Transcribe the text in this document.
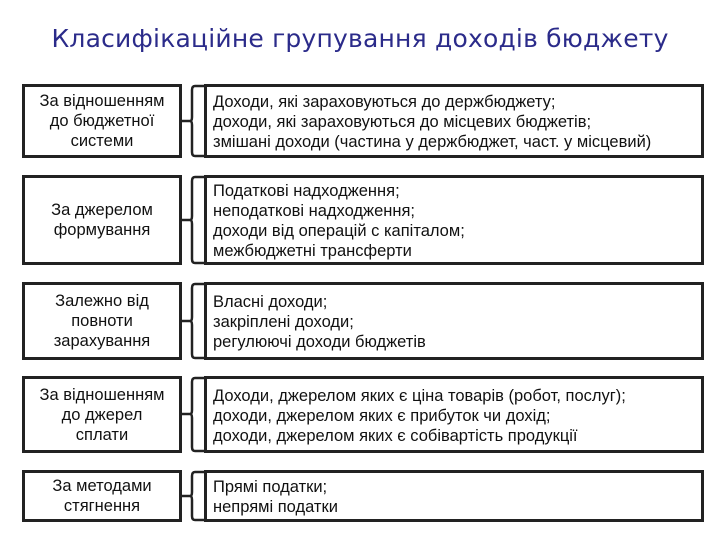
Класифікаційне групування доходів бюджету
За відношенням
до бюджетної
системи
Доходи, які зараховуються до держбюджету;
доходи, які зараховуються до місцевих бюджетів;
змішані доходи (частина у держбюджет, част. у місцевий)
За джерелом
формування
Податкові надходження;
неподаткові надходження;
доходи від операцій с капіталом;
межбюджетні трансферти
Залежно від
повноти
зарахування
Власні доходи;
закріплені доходи;
регулюючі доходи бюджетів
За відношенням
до джерел
сплати
Доходи, джерелом яких є ціна товарів (робот, послуг);
доходи, джерелом яких є прибуток чи дохід;
доходи, джерелом яких є собівартість продукції
За методами
стягнення
Прямі податки;
непрямі податки
